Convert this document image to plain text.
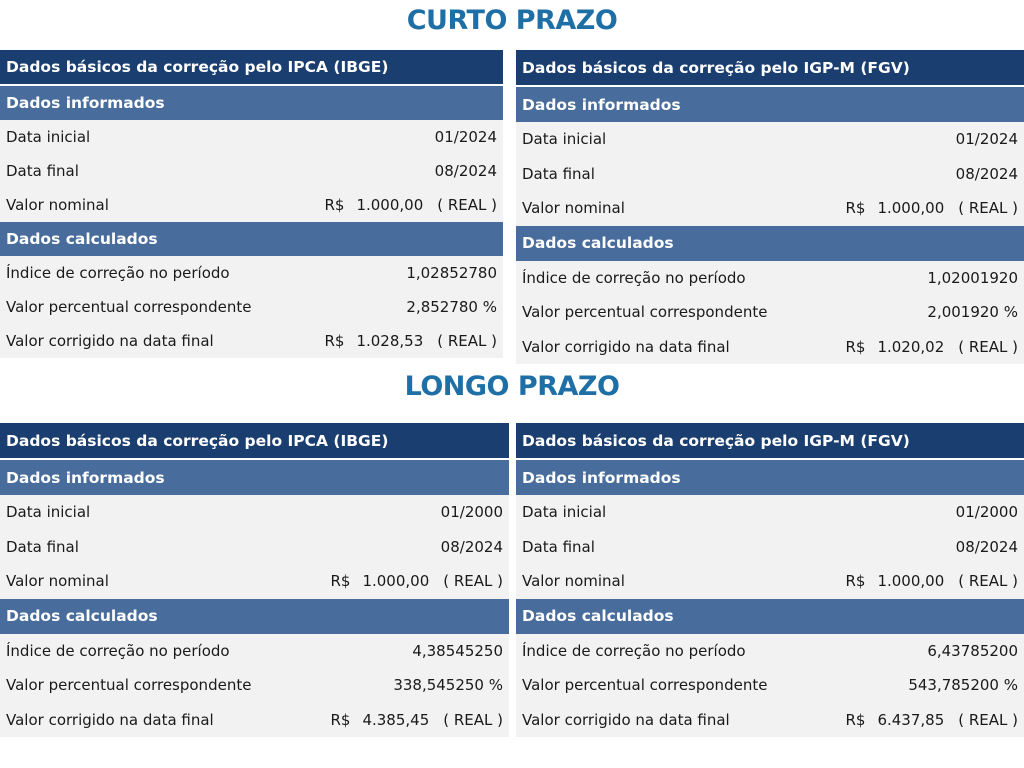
CURTO PRAZO
LONGO PRAZO
Dados básicos da correção pelo IPCA (IBGE)
Dados informados
Data inicial	01/2024
Data final	08/2024
Valor nominal	R$ 1.000,00 ( REAL )
Dados calculados
Índice de correção no período	1,02852780
Valor percentual correspondente	2,852780 %
Valor corrigido na data final	R$ 1.028,53 ( REAL )
Dados básicos da correção pelo IGP-M (FGV)
Dados informados
Data inicial	01/2024
Data final	08/2024
Valor nominal	R$ 1.000,00 ( REAL )
Dados calculados
Índice de correção no período	1,02001920
Valor percentual correspondente	2,001920 %
Valor corrigido na data final	R$ 1.020,02 ( REAL )
Dados básicos da correção pelo IPCA (IBGE)
Dados informados
Data inicial	01/2000
Data final	08/2024
Valor nominal	R$ 1.000,00 ( REAL )
Dados calculados
Índice de correção no período	4,38545250
Valor percentual correspondente	338,545250 %
Valor corrigido na data final	R$ 4.385,45 ( REAL )
Dados básicos da correção pelo IGP-M (FGV)
Dados informados
Data inicial	01/2000
Data final	08/2024
Valor nominal	R$ 1.000,00 ( REAL )
Dados calculados
Índice de correção no período	6,43785200
Valor percentual correspondente	543,785200 %
Valor corrigido na data final	R$ 6.437,85 ( REAL )
